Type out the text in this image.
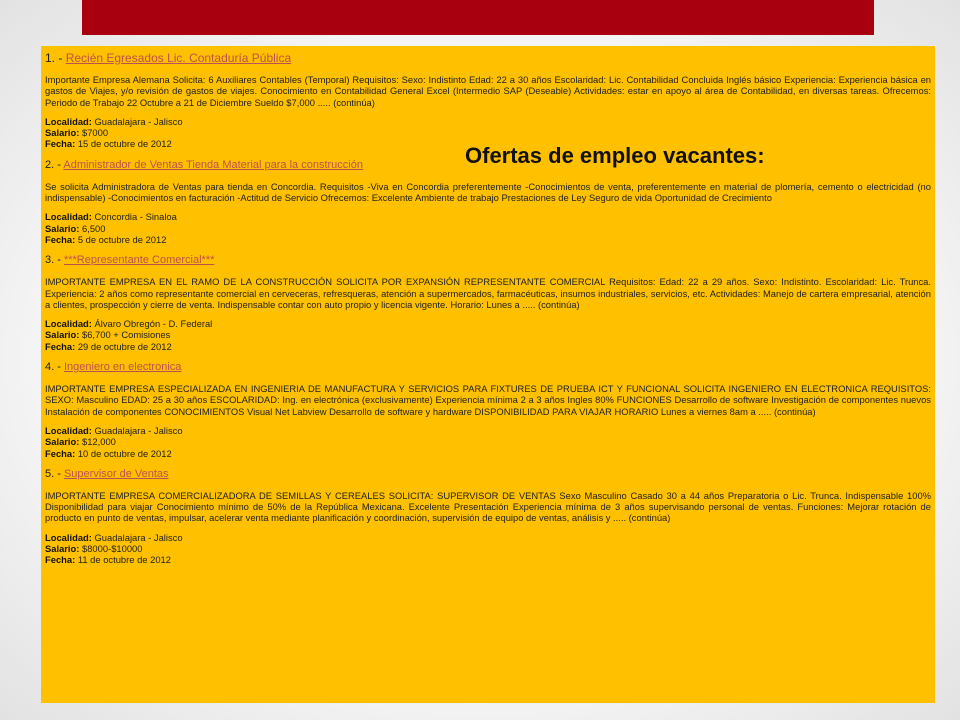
1. - Recién Egresados Lic. Contaduría Pública

Importante Empresa Alemana Solicita: 6 Auxiliares Contables (Temporal) Requisitos: Sexo: Indistinto Edad: 22 a 30 años Escolaridad: Lic. Contabilidad Concluida Inglés básico Experiencia: Experiencia básica en gastos de Viajes, y/o revisión de gastos de viajes. Conocimiento en Contabilidad General Excel (Intermedio SAP (Deseable) Actividades: estar en apoyo al área de Contabilidad, en diversas tareas. Ofrecemos: Periodo de Trabajo 22 Octubre a 21 de Diciembre Sueldo $7,000 ..... (continúa)
Localidad: Guadalajara - Jalisco
Salario: $7000
Fecha: 15 de octubre de 2012

2. - Administrador de Ventas Tienda Material para la construcción

Se solicita Administradora de Ventas para tienda en Concordia. Requisitos -Viva en Concordia preferentemente -Conocimientos de venta, preferentemente en material de plomería, cemento o electricidad (no indispensable) -Conocimientos en facturación -Actitud de Servicio Ofrecemos: Excelente Ambiente de trabajo Prestaciones de Ley Seguro de vida Oportunidad de Crecimiento
Localidad: Concordia - Sinaloa
Salario: 6,500
Fecha: 5 de octubre de 2012

3. - ***Representante Comercial***

IMPORTANTE EMPRESA EN EL RAMO DE LA CONSTRUCCIÓN SOLICITA POR EXPANSIÓN REPRESENTANTE COMERCIAL Requisitos: Edad: 22 a 29 años. Sexo: Indistinto. Escolaridad: Lic. Trunca. Experiencia: 2 años como representante comercial en cerveceras, refresqueras, atención a supermercados, farmacéuticas, insumos industriales, servicios, etc. Actividades: Manejo de cartera empresarial, atención a clientes, prospección y cierre de venta. Indispensable contar con auto propio y licencia vigente. Horario: Lunes a ..... (continúa)
Localidad: Álvaro Obregón - D. Federal
Salario: $6,700 + Comisiones
Fecha: 29 de octubre de 2012

4. - Ingeniero en electronica

IMPORTANTE EMPRESA ESPECIALIZADA EN INGENIERIA DE MANUFACTURA Y SERVICIOS PARA FIXTURES DE PRUEBA ICT Y FUNCIONAL SOLICITA INGENIERO EN ELECTRONICA REQUISITOS: SEXO: Masculino EDAD: 25 a 30 años ESCOLARIDAD: Ing. en electrónica (exclusivamente) Experiencia mínima 2 a 3 años Ingles 80% FUNCIONES Desarrollo de software Investigación de componentes nuevos Instalación de componentes CONOCIMIENTOS Visual Net Labview Desarrollo de software y hardware DISPONIBILIDAD PARA VIAJAR HORARIO Lunes a viernes 8am a ..... (continúa)
Localidad: Guadalajara - Jalisco
Salario: $12,000
Fecha: 10 de octubre de 2012

5. - Supervisor de Ventas

IMPORTANTE EMPRESA COMERCIALIZADORA DE SEMILLAS Y CEREALES SOLICITA: SUPERVISOR DE VENTAS Sexo Masculino Casado 30 a 44 años Preparatoria o Lic. Trunca. Indispensable 100% Disponibilidad para viajar Conocimiento mínimo de 50% de la República Mexicana. Excelente Presentación Experiencia mínima de 3 años supervisando personal de ventas. Funciones: Mejorar rotación de producto en punto de ventas, impulsar, acelerar venta mediante planificación y coordinación, supervisión de equipo de ventas, análisis y ..... (continúa)
Localidad: Guadalajara - Jalisco
Salario: $8000-$10000
Fecha: 11 de octubre de 2012
Ofertas de empleo vacantes:
